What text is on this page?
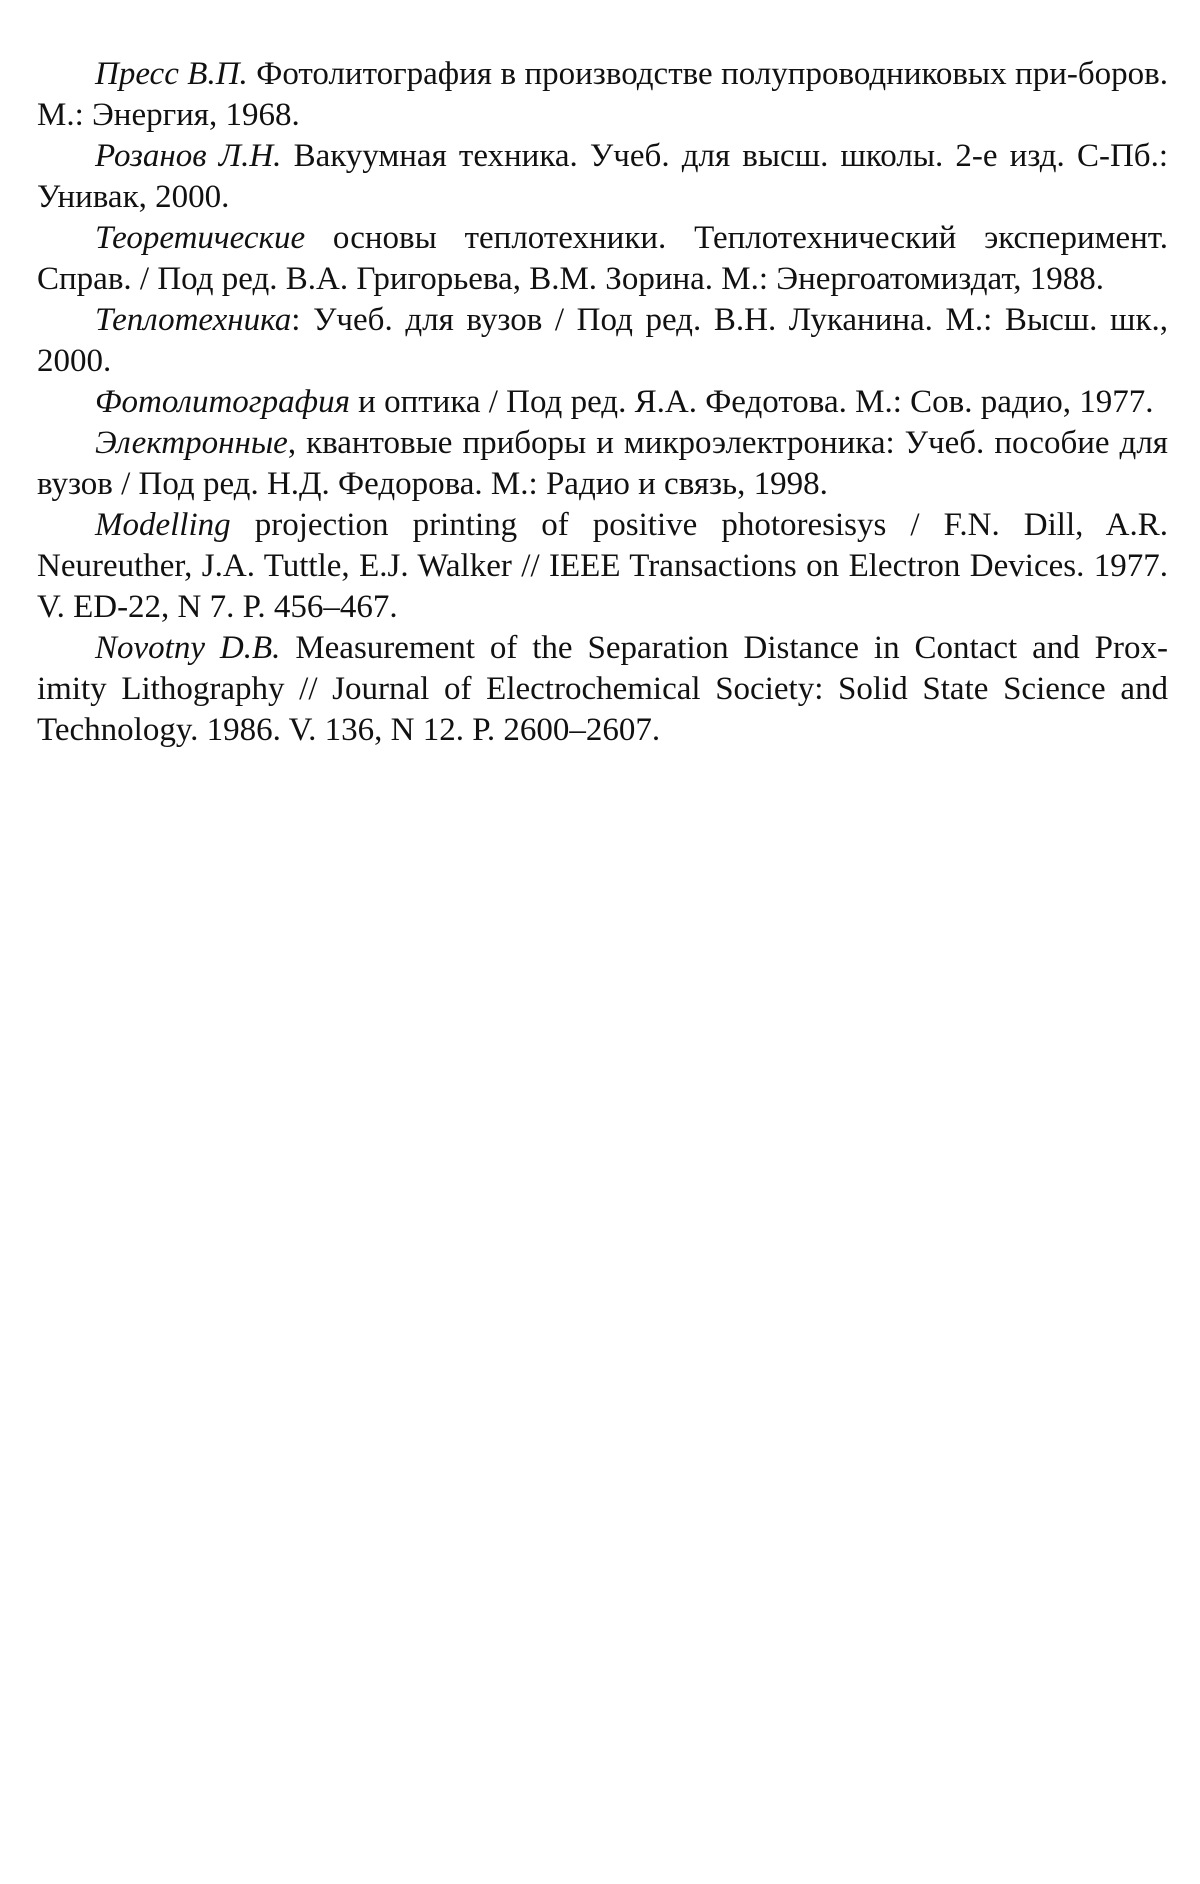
Пресс В.П. Фотолитография в производстве полупроводниковых при-боров. М.: Энергия, 1968.

Розанов Л.Н. Вакуумная техника. Учеб. для высш. школы. 2-е изд. С-Пб.: Унивак, 2000.

Теоретические основы теплотехники. Теплотехнический эксперимент. Справ. / Под ред. В.А. Григорьева, В.М. Зорина. М.: Энергоатомиздат, 1988.

Теплотехника: Учеб. для вузов / Под ред. В.Н. Луканина. М.: Высш. шк., 2000.

Фотолитография и оптика / Под ред. Я.А. Федотова. М.: Сов. радио, 1977.

Электронные, квантовые приборы и микроэлектроника: Учеб. пособие для вузов / Под ред. Н.Д. Федорова. М.: Радио и связь, 1998.

Modelling projection printing of positive photoresisys / F.N. Dill, A.R. Neureuther, J.A. Tuttle, E.J. Walker // IEEE Transactions on Electron Devices. 1977. V. ED-22, N 7. P. 456–467.

Novotny D.B. Measurement of the Separation Distance in Contact and Prox-imity Lithography // Journal of Electrochemical Society: Solid State Science and Technology. 1986. V. 136, N 12. P. 2600–2607.
